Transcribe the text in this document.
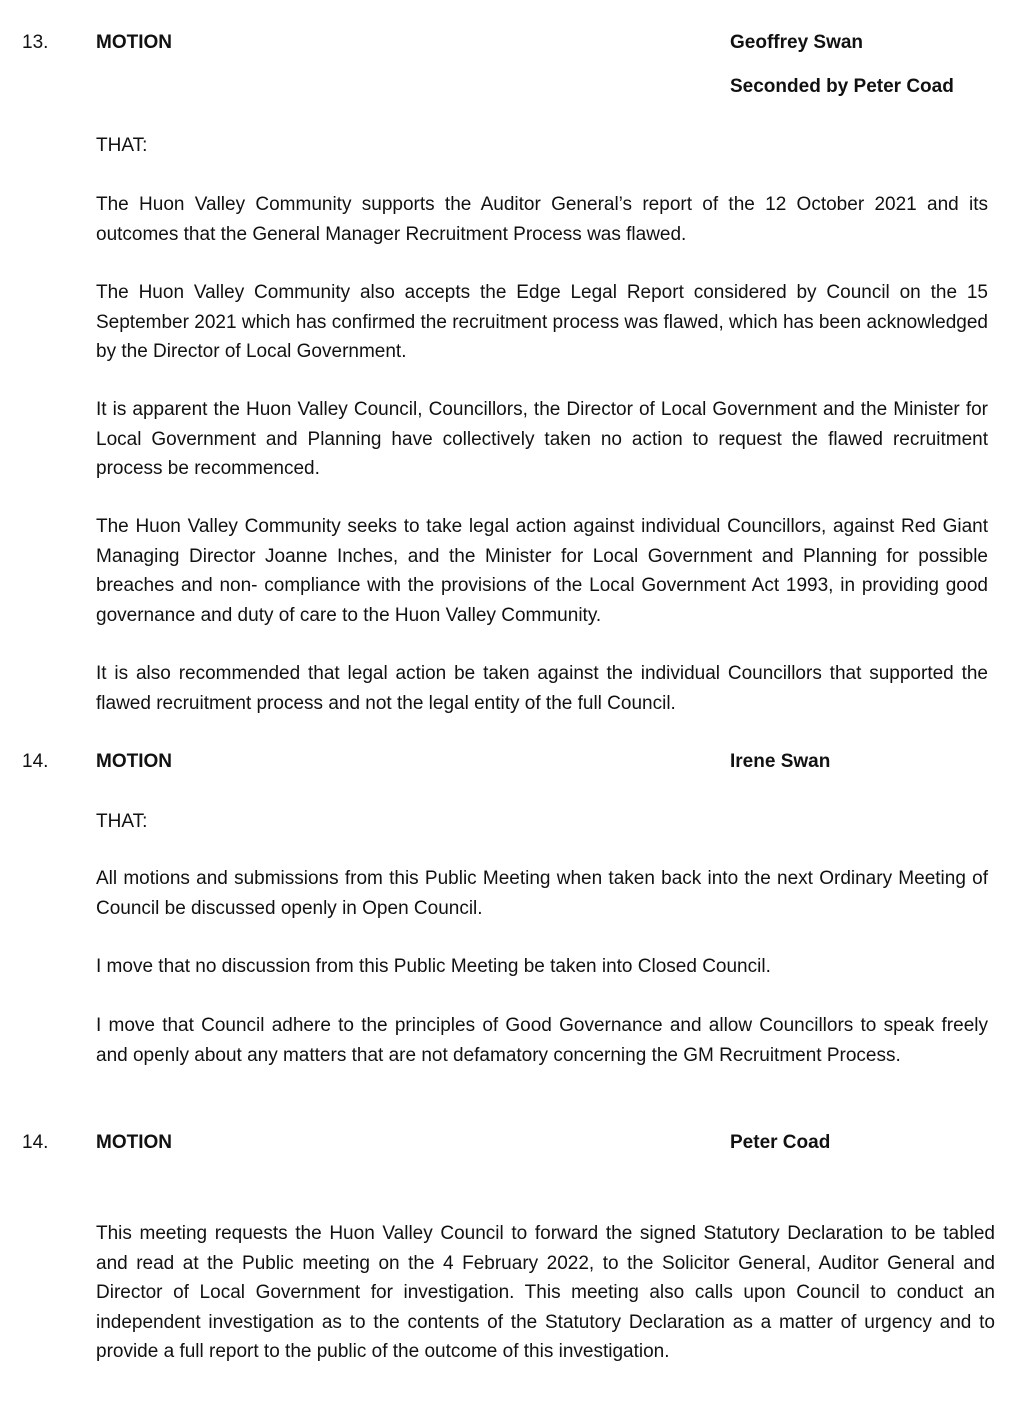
13.	MOTION	Geoffrey Swan
Seconded by Peter Coad
THAT:

The Huon Valley Community supports the Auditor General’s report of the 12 October 2021 and its outcomes that the General Manager Recruitment Process was flawed.

The Huon Valley Community also accepts the Edge Legal Report considered by Council on the 15 September 2021 which has confirmed the recruitment process was flawed, which has been acknowledged by the Director of Local Government.

It is apparent the Huon Valley Council, Councillors, the Director of Local Government and the Minister for Local Government and Planning have collectively taken no action to request the flawed recruitment process be recommenced.

The Huon Valley Community seeks to take legal action against individual Councillors, against Red Giant Managing Director Joanne Inches, and the Minister for Local Government and Planning for possible breaches and non- compliance with the provisions of the Local Government Act 1993, in providing good governance and duty of care to the Huon Valley Community.

It is also recommended that legal action be taken against the individual Councillors that supported the flawed recruitment process and not the legal entity of the full Council.

14.	MOTION	Irene Swan
THAT:

All motions and submissions from this Public Meeting when taken back into the next Ordinary Meeting of Council be discussed openly in Open Council.

I move that no discussion from this Public Meeting be taken into Closed Council.

I move that Council adhere to the principles of Good Governance and allow Councillors to speak freely and openly about any matters that are not defamatory concerning the GM Recruitment Process.

14.	MOTION	Peter Coad

This meeting requests the Huon Valley Council to forward the signed Statutory Declaration to be tabled and read at the Public meeting on the 4 February 2022, to the Solicitor General, Auditor General and Director of Local Government for investigation. This meeting also calls upon Council to conduct an independent investigation as to the contents of the Statutory Declaration as a matter of urgency and to provide a full report to the public of the outcome of this investigation.
